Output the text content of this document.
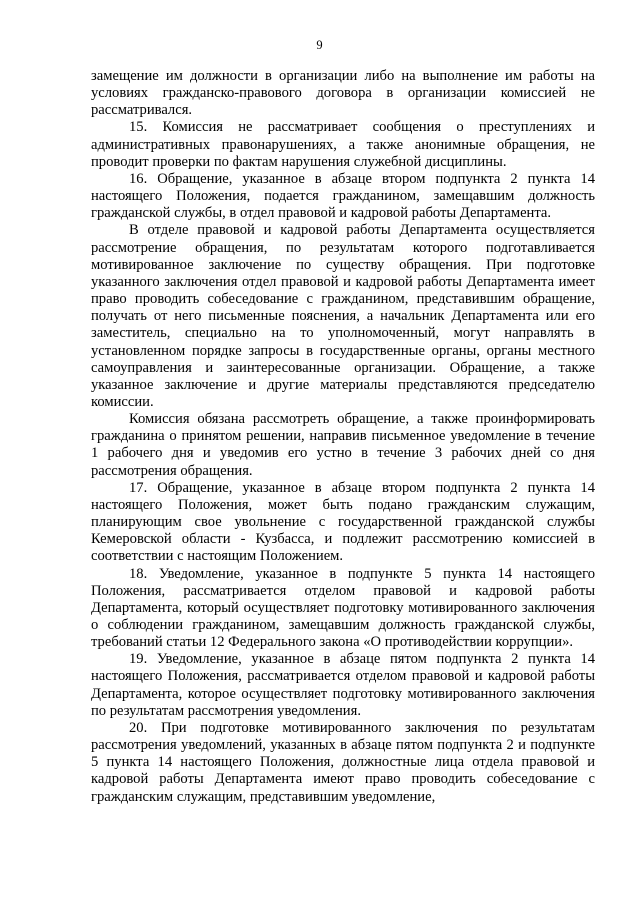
9

замещение им должности в организации либо на выполнение им работы на условиях гражданско-правового договора в организации комиссией не рассматривался.

15. Комиссия не рассматривает сообщения о преступлениях и административных правонарушениях, а также анонимные обращения, не проводит проверки по фактам нарушения служебной дисциплины.

16. Обращение, указанное в абзаце втором подпункта 2 пункта 14 настоящего Положения, подается гражданином, замещавшим должность гражданской службы, в отдел правовой и кадровой работы Департамента.

В отделе правовой и кадровой работы Департамента осуществляется рассмотрение обращения, по результатам которого подготавливается мотивированное заключение по существу обращения. При подготовке указанного заключения отдел правовой и кадровой работы Департамента имеет право проводить собеседование с гражданином, представившим обращение, получать от него письменные пояснения, а начальник Департамента или его заместитель, специально на то уполномоченный, могут направлять в установленном порядке запросы в государственные органы, органы местного самоуправления и заинтересованные организации. Обращение, а также указанное заключение и другие материалы представляются председателю комиссии.

Комиссия обязана рассмотреть обращение, а также проинформировать гражданина о принятом решении, направив письменное уведомление в течение 1 рабочего дня и уведомив его устно в течение 3 рабочих дней со дня рассмотрения обращения.

17. Обращение, указанное в абзаце втором подпункта 2 пункта 14 настоящего Положения, может быть подано гражданским служащим, планирующим свое увольнение с государственной гражданской службы Кемеровской области - Кузбасса, и подлежит рассмотрению комиссией в соответствии с настоящим Положением.

18. Уведомление, указанное в подпункте 5 пункта 14 настоящего Положения, рассматривается отделом правовой и кадровой работы Департамента, который осуществляет подготовку мотивированного заключения о соблюдении гражданином, замещавшим должность гражданской службы, требований статьи 12 Федерального закона «О противодействии коррупции».

19. Уведомление, указанное в абзаце пятом подпункта 2 пункта 14 настоящего Положения, рассматривается отделом правовой и кадровой работы Департамента, которое осуществляет подготовку мотивированного заключения по результатам рассмотрения уведомления.

20. При подготовке мотивированного заключения по результатам рассмотрения уведомлений, указанных в абзаце пятом подпункта 2 и подпункте 5 пункта 14 настоящего Положения, должностные лица отдела правовой и кадровой работы Департамента имеют право проводить собеседование с гражданским служащим, представившим уведомление,
